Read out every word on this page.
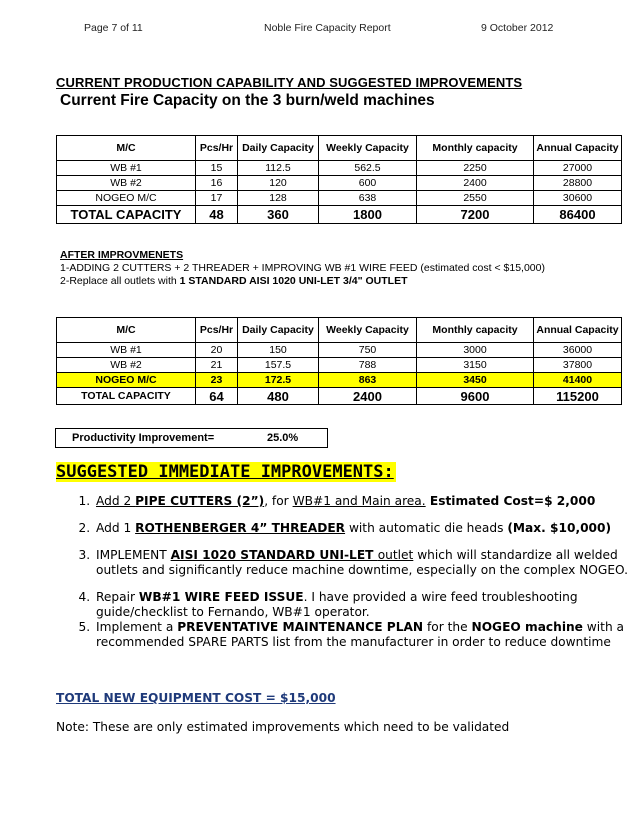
Page 7 of 11	Noble Fire Capacity Report	9 October 2012
CURRENT PRODUCTION CAPABILITY AND SUGGESTED IMPROVEMENTS
Current Fire Capacity on the 3 burn/weld machines
M/C	Pcs/Hr	Daily Capacity	Weekly Capacity	Monthly capacity	Annual Capacity
WB #1	15	112.5	562.5	2250	27000
WB #2	16	120	600	2400	28800
NOGEO M/C	17	128	638	2550	30600
TOTAL CAPACITY	48	360	1800	7200	86400
AFTER IMPROVMENETS
1-ADDING 2 CUTTERS + 2 THREADER + IMPROVING WB #1 WIRE FEED (estimated cost < $15,000)
2-Replace all outlets with 1 STANDARD AISI 1020 UNI-LET 3/4" OUTLET
M/C	Pcs/Hr	Daily Capacity	Weekly Capacity	Monthly capacity	Annual Capacity
WB #1	20	150	750	3000	36000
WB #2	21	157.5	788	3150	37800
NOGEO M/C	23	172.5	863	3450	41400
TOTAL CAPACITY	64	480	2400	9600	115200
Productivity Improvement=	25.0%
SUGGESTED IMMEDIATE IMPROVEMENTS:
1. Add 2 PIPE CUTTERS (2”), for WB#1 and Main area. Estimated Cost=$ 2,000
2. Add 1 ROTHENBERGER 4” THREADER with automatic die heads (Max. $10,000)
3. IMPLEMENT AISI 1020 STANDARD UNI-LET outlet which will standardize all welded outlets and significantly reduce machine downtime, especially on the complex NOGEO.
4. Repair WB#1 WIRE FEED ISSUE. I have provided a wire feed troubleshooting guide/checklist to Fernando, WB#1 operator.
5. Implement a PREVENTATIVE MAINTENANCE PLAN for the NOGEO machine with a recommended SPARE PARTS list from the manufacturer in order to reduce downtime
TOTAL NEW EQUIPMENT COST = $15,000
Note: These are only estimated improvements which need to be validated
